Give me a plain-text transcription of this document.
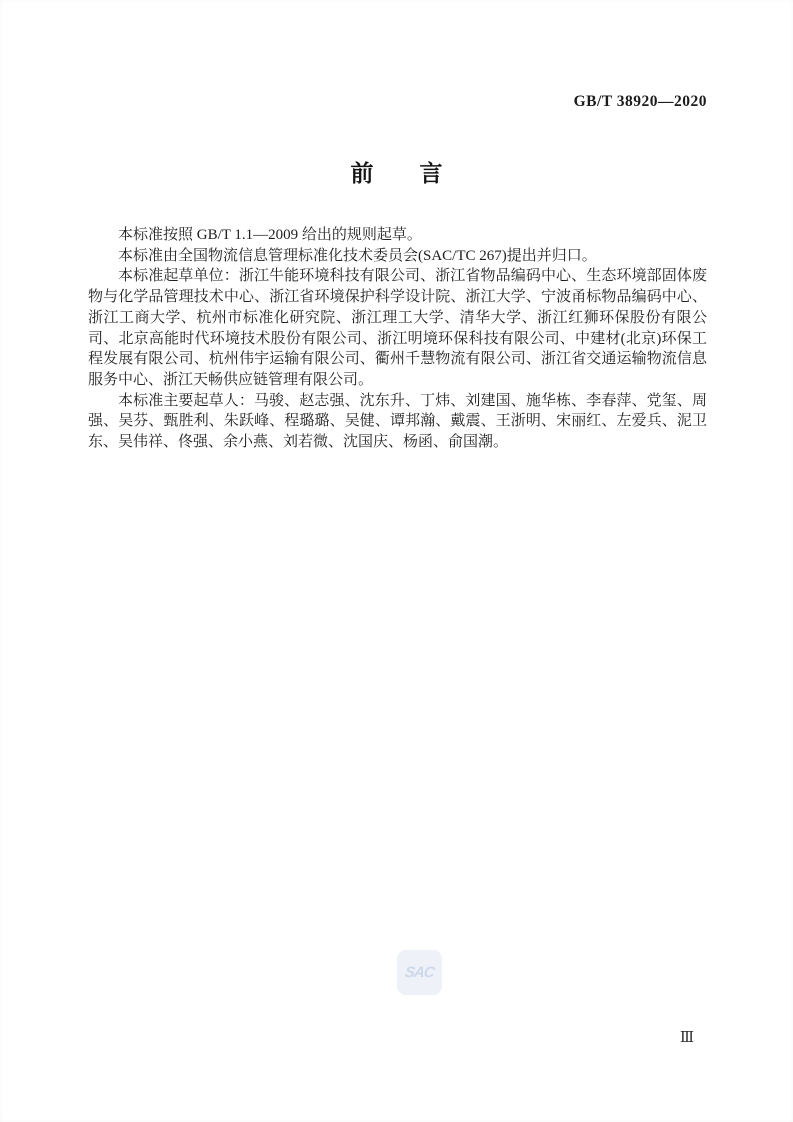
GB/T 38920—2020
前　　言

本标准按照 GB/T 1.1—2009 给出的规则起草。

本标准由全国物流信息管理标准化技术委员会(SAC/TC 267)提出并归口。

本标准起草单位：浙江牛能环境科技有限公司、浙江省物品编码中心、生态环境部固体废物与化学品管理技术中心、浙江省环境保护科学设计院、浙江大学、宁波甬标物品编码中心、浙江工商大学、杭州市标准化研究院、浙江理工大学、清华大学、浙江红狮环保股份有限公司、北京高能时代环境技术股份有限公司、浙江明境环保科技有限公司、中建材(北京)环保工程发展有限公司、杭州伟宇运输有限公司、衢州千慧物流有限公司、浙江省交通运输物流信息服务中心、浙江天畅供应链管理有限公司。

本标准主要起草人：马骏、赵志强、沈东升、丁炜、刘建国、施华栋、李春萍、党玺、周强、吴芬、甄胜利、朱跃峰、程璐璐、吴健、谭邦瀚、戴震、王浙明、宋丽红、左爱兵、泥卫东、吴伟祥、佟强、余小燕、刘若微、沈国庆、杨函、俞国潮。

SAC
Ⅲ
